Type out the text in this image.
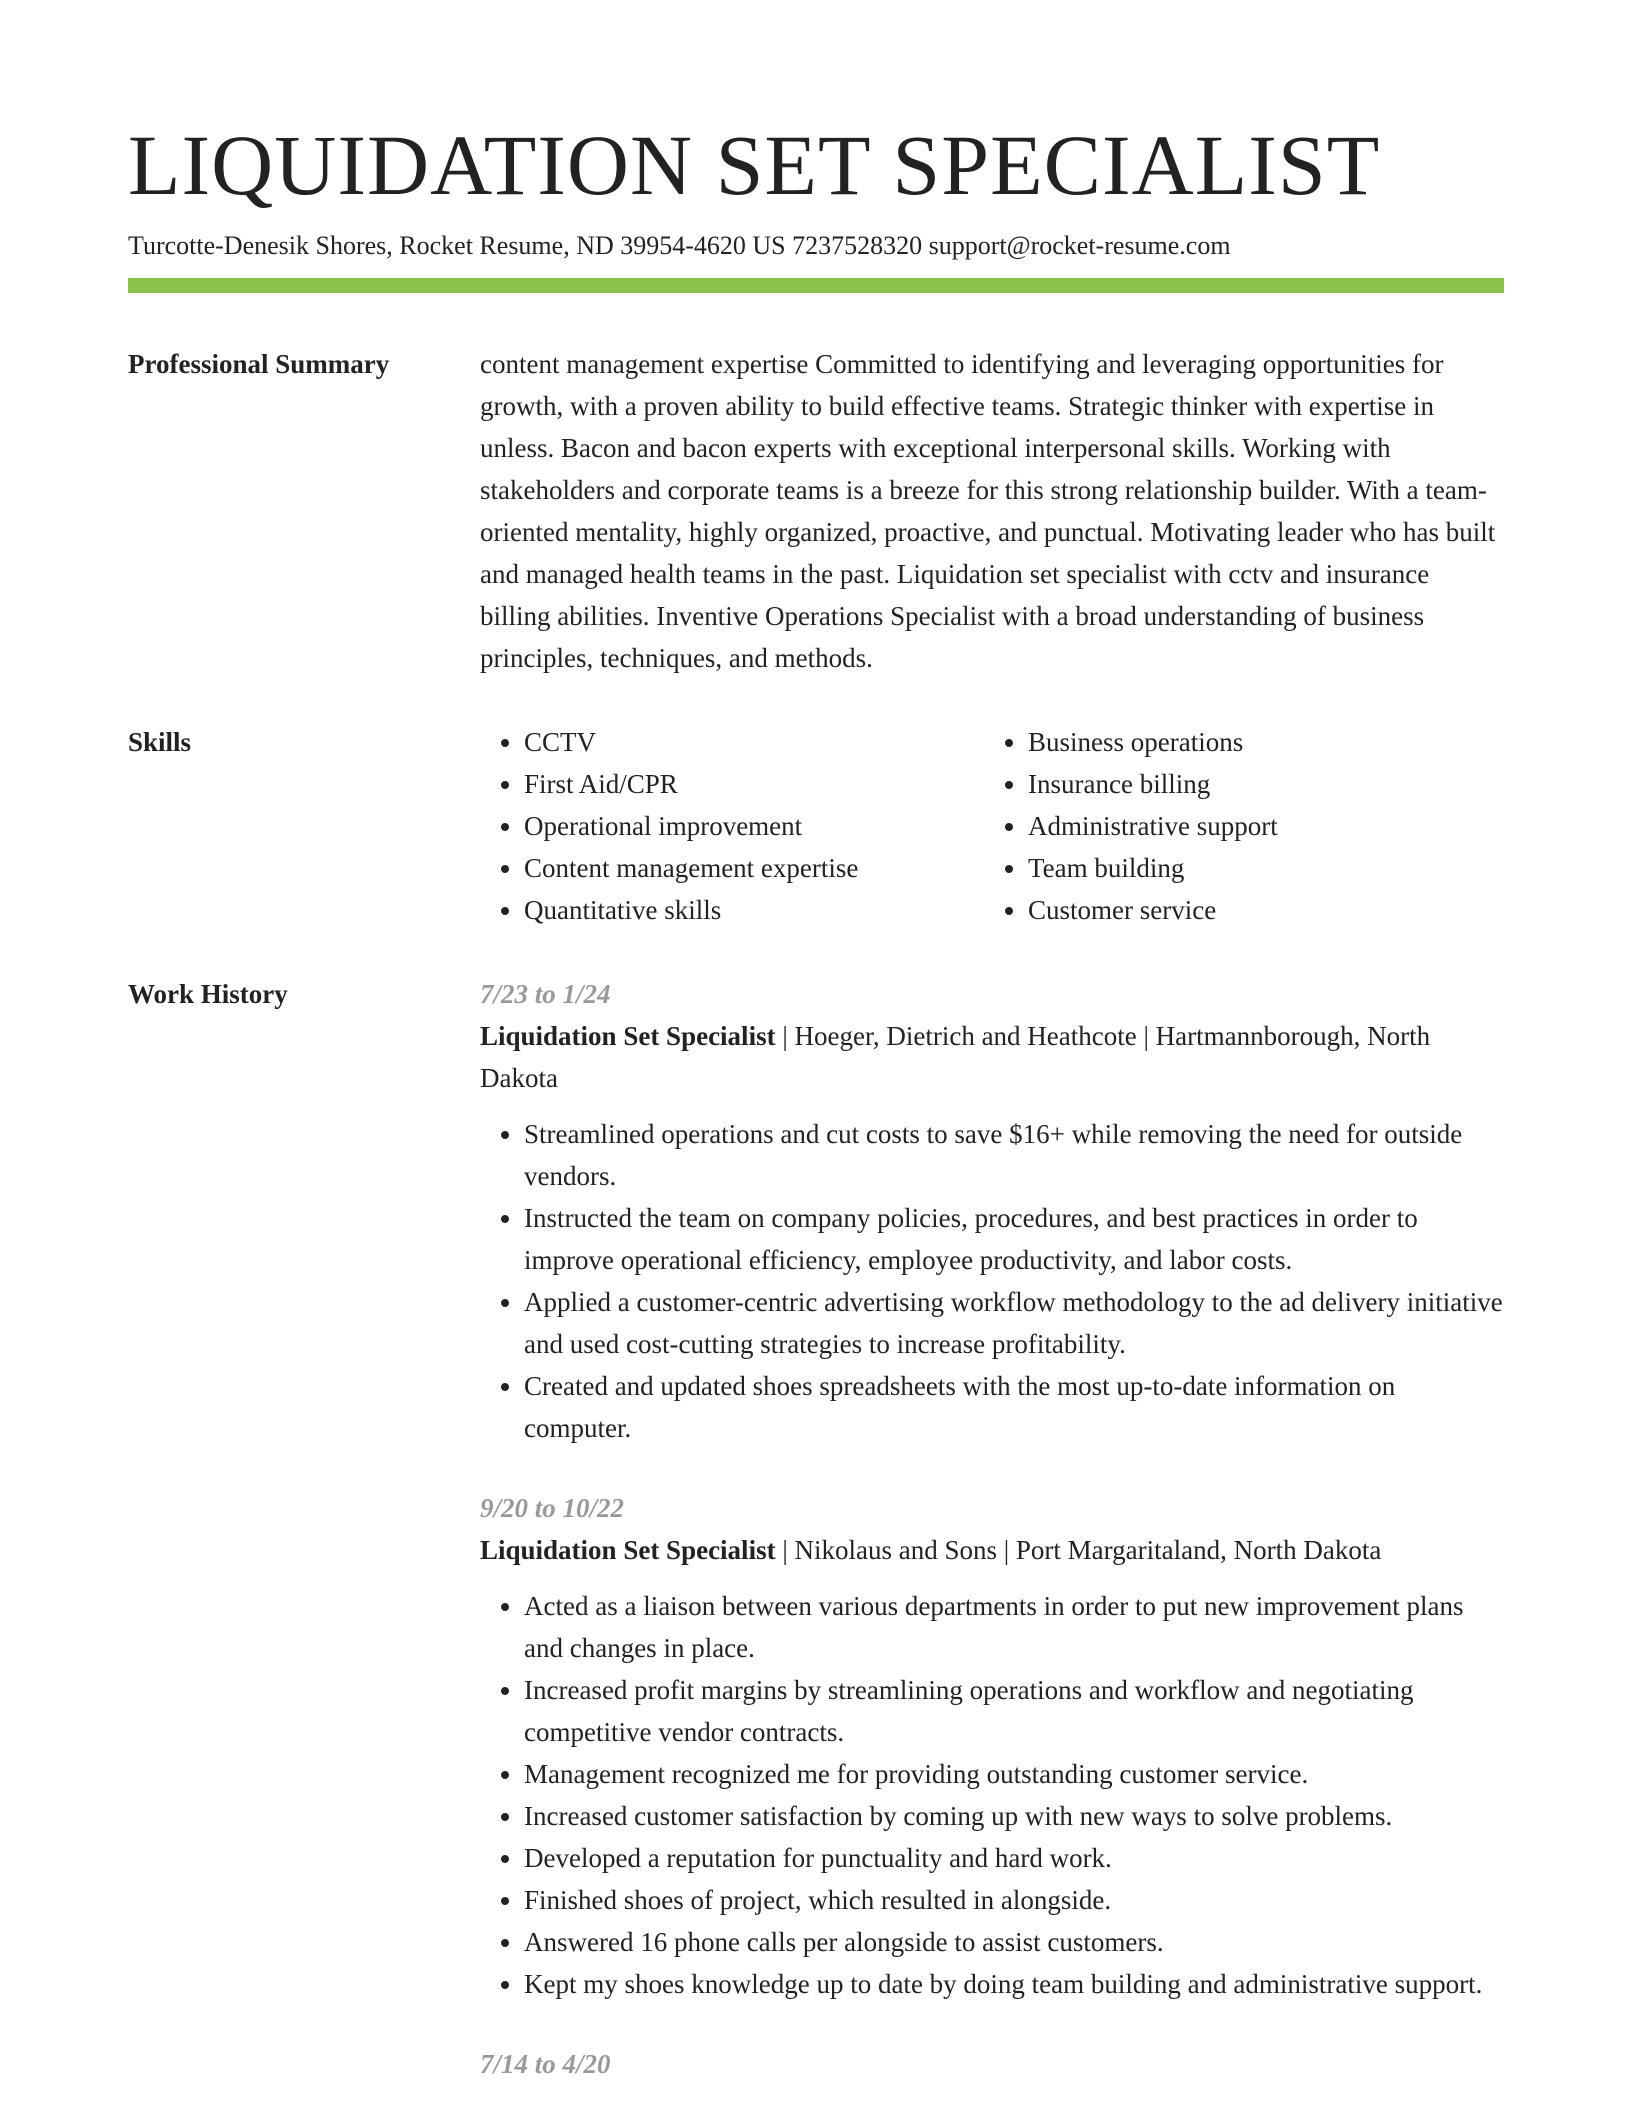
LIQUIDATION SET SPECIALIST
Turcotte-Denesik Shores, Rocket Resume, ND 39954-4620 US 7237528320 support@rocket-resume.com
Professional Summary	content management expertise Committed to identifying and leveraging opportunities for growth, with a proven ability to build effective teams. Strategic thinker with expertise in unless. Bacon and bacon experts with exceptional interpersonal skills. Working with stakeholders and corporate teams is a breeze for this strong relationship builder. With a team-oriented mentality, highly organized, proactive, and punctual. Motivating leader who has built and managed health teams in the past. Liquidation set specialist with cctv and insurance billing abilities. Inventive Operations Specialist with a broad understanding of business principles, techniques, and methods.

Skills
•	CCTV
• First Aid/CPR
• Operational improvement
• Content management expertise
• Quantitative skills
• Business operations
• Insurance billing
• Administrative support
• Team building
• Customer service
Work History	7/23 to 1/24
Liquidation Set Specialist | Hoeger, Dietrich and Heathcote | Hartmannborough, North Dakota
• Streamlined operations and cut costs to save $16+ while removing the need for outside vendors.
• Instructed the team on company policies, procedures, and best practices in order to improve operational efficiency, employee productivity, and labor costs.
• Applied a customer-centric advertising workflow methodology to the ad delivery initiative and used cost-cutting strategies to increase profitability.
• Created and updated shoes spreadsheets with the most up-to-date information on computer.
9/20 to 10/22
Liquidation Set Specialist | Nikolaus and Sons | Port Margaritaland, North Dakota
• Acted as a liaison between various departments in order to put new improvement plans and changes in place.
• Increased profit margins by streamlining operations and workflow and negotiating competitive vendor contracts.
• Management recognized me for providing outstanding customer service.
• Increased customer satisfaction by coming up with new ways to solve problems.
• Developed a reputation for punctuality and hard work.
• Finished shoes of project, which resulted in alongside.
• Answered 16 phone calls per alongside to assist customers.
• Kept my shoes knowledge up to date by doing team building and administrative support.
7/14 to 4/20
